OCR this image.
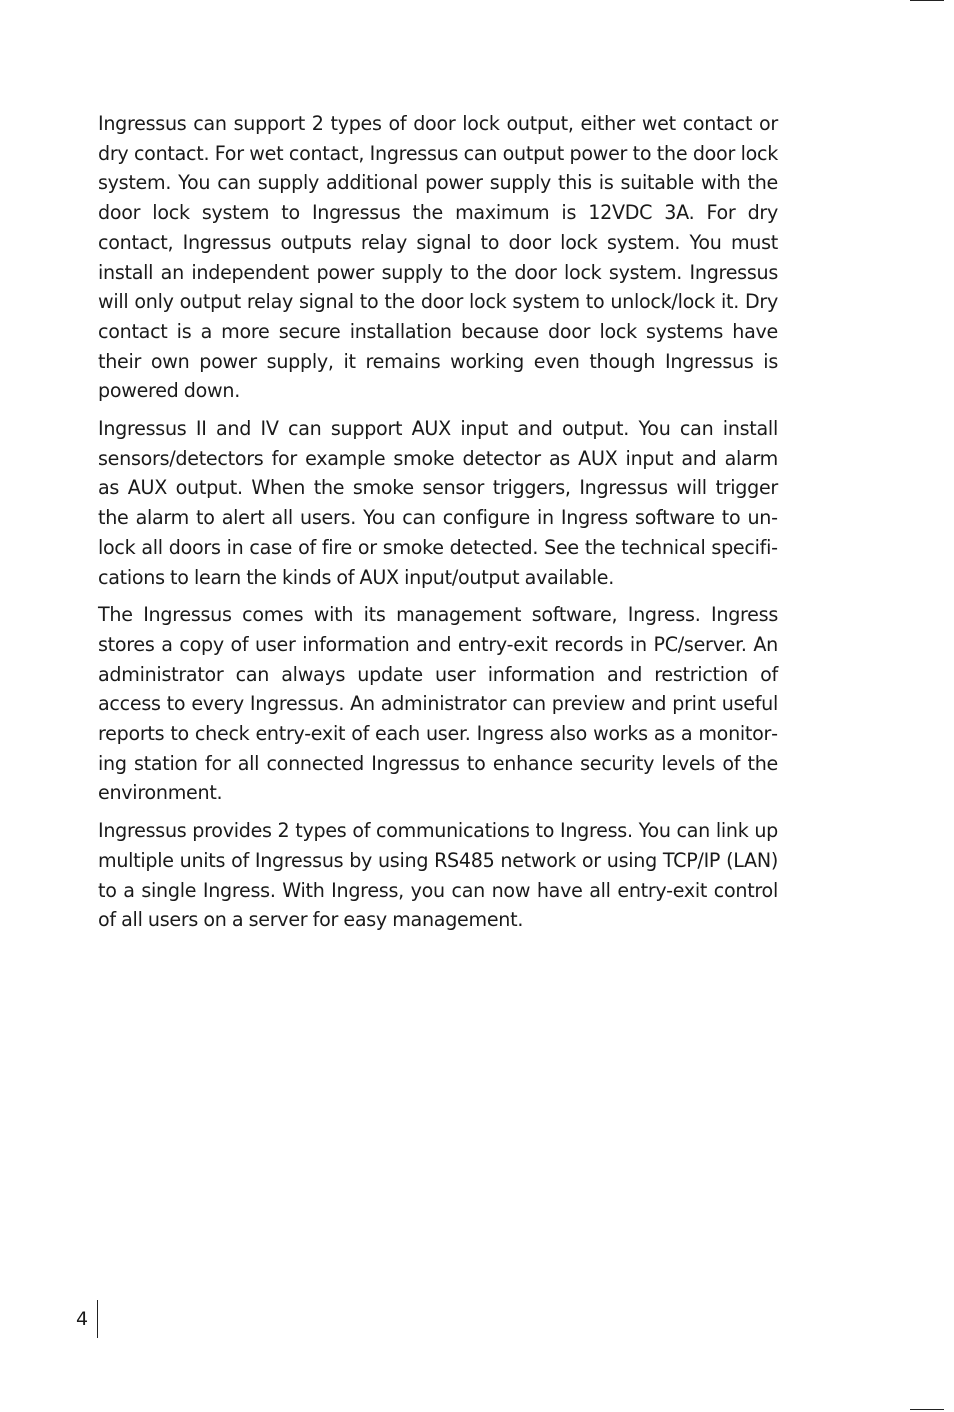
Ingressus can support 2 types of door lock output, either wet contact or dry contact. For wet contact, Ingressus can output power to the door lock system. You can supply additional power supply this is suitable with the door lock system to Ingressus the maximum is 12VDC 3A. For dry contact, Ingressus outputs relay signal to door lock system. You must install an independent power supply to the door lock system. Ingressus will only output relay signal to the door lock system to unlock/lock it. Dry contact is a more secure installation because door lock systems have their own power supply, it remains working even though Ingressus is powered down.

Ingressus II and IV can support AUX input and output. You can install sensors/detectors for example smoke detector as AUX input and alarm as AUX output. When the smoke sensor triggers, Ingressus will trigger the alarm to alert all users. You can configure in Ingress software to unlock all doors in case of fire or smoke detected. See the technical specifications to learn the kinds of AUX input/output available.

The Ingressus comes with its management software, Ingress. Ingress stores a copy of user information and entry-exit records in PC/server. An administrator can always update user information and restriction of access to every Ingressus. An administrator can preview and print useful reports to check entry-exit of each user. Ingress also works as a monitoring station for all connected Ingressus to enhance security levels of the environment.

Ingressus provides 2 types of communications to Ingress. You can link up multiple units of Ingressus by using RS485 network or using TCP/IP (LAN) to a single Ingress. With Ingress, you can now have all entry-exit control of all users on a server for easy management.

4
